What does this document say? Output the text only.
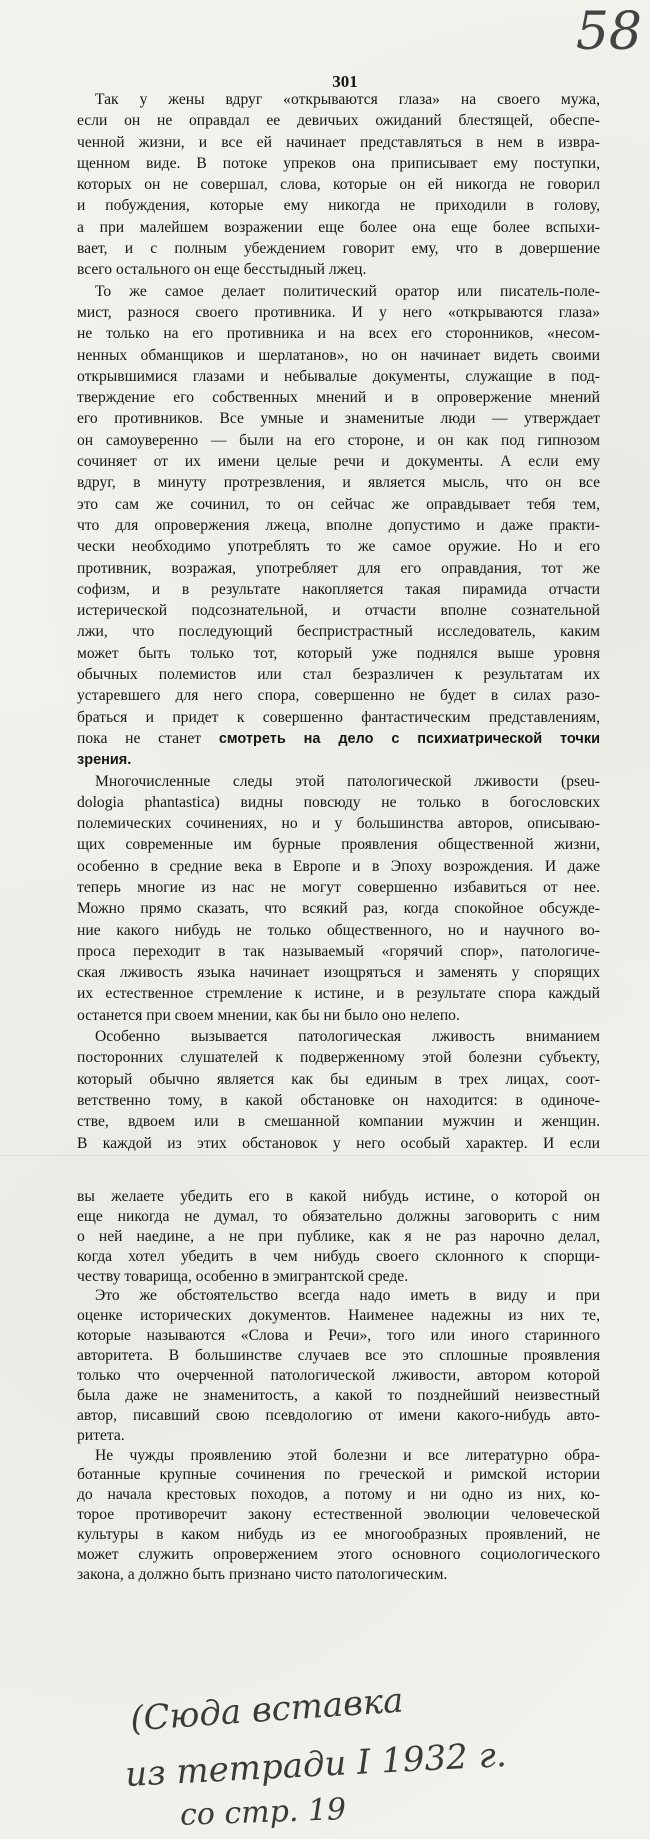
58
301
Так у жены вдруг «открываются глаза» на своего мужа,
если он не оправдал ее девичьих ожиданий блестящей, обеспе-
ченной жизни, и все ей начинает представляться в нем в извра-
щенном виде. В потоке упреков она приписывает ему поступки,
которых он не совершал, слова, которые он ей никогда не говорил
и побуждения, которые ему никогда не приходили в голову,
а при малейшем возражении еще более она еще более вспыхи-
вает, и с полным убеждением говорит ему, что в довершение
всего остального он еще бесстыдный лжец.
То же самое делает политический оратор или писатель-поле-
мист, разнося своего противника. И у него «открываются глаза»
не только на его противника и на всех его сторонников, «несом-
ненных обманщиков и шерлатанов», но он начинает видеть своими
открывшимися глазами и небывалые документы, служащие в под-
тверждение его собственных мнений и в опровержение мнений
его противников. Все умные и знаменитые люди — утверждает
он самоуверенно — были на его стороне, и он как под гипнозом
сочиняет от их имени целые речи и документы. А если ему
вдруг, в минуту протрезвления, и является мысль, что он все
это сам же сочинил, то он сейчас же оправдывает тебя тем,
что для опровержения лжеца, вполне допустимо и даже практи-
чески необходимо употреблять то же самое оружие. Но и его
противник, возражая, употребляет для его оправдания, тот же
софизм, и в результате накопляется такая пирамида отчасти
истерической подсознательной, и отчасти вполне сознательной
лжи, что последующий беспристрастный исследователь, каким
может быть только тот, который уже поднялся выше уровня
обычных полемистов или стал безразличен к результатам их
устаревшего для него спора, совершенно не будет в силах разо-
браться и придет к совершенно фантастическим представлениям,
пока не станет смотреть на дело с психиатрической точки
зрения.
Многочисленные следы этой патологической лживости (pseu-
dologia phantastica) видны повсюду не только в богословских
полемических сочинениях, но и у большинства авторов, описываю-
щих современные им бурные проявления общественной жизни,
особенно в средние века в Европе и в Эпоху возрождения. И даже
теперь многие из нас не могут совершенно избавиться от нее.
Можно прямо сказать, что всякий раз, когда спокойное обсужде-
ние какого нибудь не только общественного, но и научного во-
проса переходит в так называемый «горячий спор», патологиче-
ская лживость языка начинает изощряться и заменять у спорящих
их естественное стремление к истине, и в результате спора каждый
останется при своем мнении, как бы ни было оно нелепо.
Особенно вызывается патологическая лживость вниманием
посторонних слушателей к подверженному этой болезни субъекту,
который обычно является как бы единым в трех лицах, соот-
ветственно тому, в какой обстановке он находится: в одиноче-
стве, вдвоем или в смешанной компании мужчин и женщин.
В каждой из этих обстановок у него особый характер. И если
вы желаете убедить его в какой нибудь истине, о которой он
еще никогда не думал, то обязательно должны заговорить с ним
о ней наедине, а не при публике, как я не раз нарочно делал,
когда хотел убедить в чем нибудь своего склонного к спорщи-
честву товарища, особенно в эмигрантской среде.
Это же обстоятельство всегда надо иметь в виду и при
оценке исторических документов. Наименее надежны из них те,
которые называются «Слова и Речи», того или иного старинного
авторитета. В большинстве случаев все это сплошные проявления
только что очерченной патологической лживости, автором которой
была даже не знаменитость, а какой то позднейший неизвестный
автор, писавший свою псевдологию от имени какого-нибудь авто-
ритета.
Не чужды проявлению этой болезни и все литературно обра-
ботанные крупные сочинения по греческой и римской истории
до начала крестовых походов, а потому и ни одно из них, ко-
торое противоречит закону естественной эволюции человеческой
культуры в каком нибудь из ее многообразных проявлений, не
может служить опровержением этого основного социологического
закона, а должно быть признано чисто патологическим.
(Сюда вставка
из тетради I 1932 г.
со стр. 19
